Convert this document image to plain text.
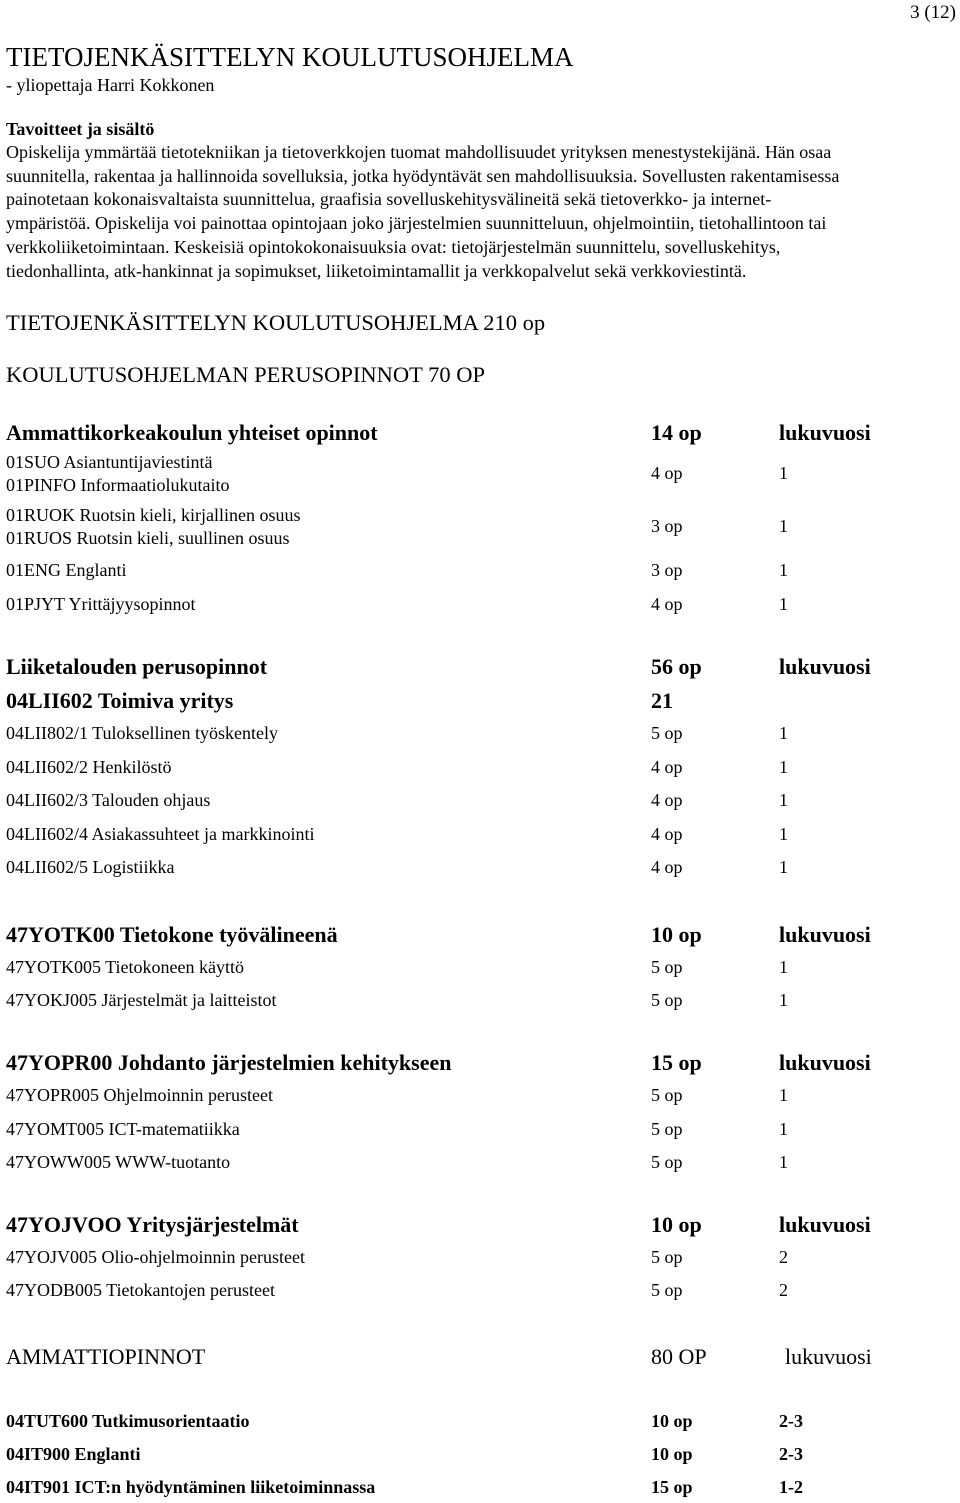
3 (12)
TIETOJENKÄSITTELYN KOULUTUSOHJELMA
- yliopettaja Harri Kokkonen
Tavoitteet ja sisältö

Opiskelija ymmärtää tietotekniikan ja tietoverkkojen tuomat mahdollisuudet yrityksen menestystekijänä. Hän osaa

suunnitella, rakentaa ja hallinnoida sovelluksia, jotka hyödyntävät sen mahdollisuuksia. Sovellusten rakentamisessa

painotetaan kokonaisvaltaista suunnittelua, graafisia sovelluskehitysvälineitä sekä tietoverkko- ja internet-

ympäristöä. Opiskelija voi painottaa opintojaan joko järjestelmien suunnitteluun, ohjelmointiin, tietohallintoon tai

verkkoliiketoimintaan. Keskeisiä opintokokonaisuuksia ovat: tietojärjestelmän suunnittelu, sovelluskehitys,

tiedonhallinta, atk-hankinnat ja sopimukset, liiketoimintamallit ja verkkopalvelut sekä verkkoviestintä.

TIETOJENKÄSITTELYN KOULUTUSOHJELMA 210 op
KOULUTUSOHJELMAN PERUSOPINNOT 70 OP
Ammattikorkeakoulun yhteiset opinnot	14 op	lukuvuosi
01SUO Asiantuntijaviestintä
01PINFO Informaatiolukutaito
4 op	1
01RUOK Ruotsin kieli, kirjallinen osuus
01RUOS Ruotsin kieli, suullinen osuus
3 op	1
01ENG Englanti	3 op	1
01PJYT Yrittäjyysopinnot	4 op	1
Liiketalouden perusopinnot	56 op	lukuvuosi
04LII602 Toimiva yritys	21
04LII802/1 Tuloksellinen työskentely	5 op	1
04LII602/2 Henkilöstö	4 op	1
04LII602/3 Talouden ohjaus	4 op	1
04LII602/4 Asiakassuhteet ja markkinointi	4 op	1
04LII602/5 Logistiikka	4 op	1
47YOTK00 Tietokone työvälineenä	10 op	lukuvuosi
47YOTK005 Tietokoneen käyttö	5 op	1
47YOKJ005 Järjestelmät ja laitteistot	5 op	1
47YOPR00 Johdanto järjestelmien kehitykseen	15 op	lukuvuosi
47YOPR005 Ohjelmoinnin perusteet	5 op	1
47YOMT005 ICT-matematiikka	5 op	1
47YOWW005 WWW-tuotanto	5 op	1
47YOJVOO Yritysjärjestelmät	10 op	lukuvuosi
47YOJV005 Olio-ohjelmoinnin perusteet	5 op	2
47YODB005 Tietokantojen perusteet	5 op	2
AMMATTIOPINNOT	80 OP	lukuvuosi
04TUT600 Tutkimusorientaatio	10 op	2-3
04IT900 Englanti	10 op	2-3
04IT901 ICT:n hyödyntäminen liiketoiminnassa	15 op	1-2
